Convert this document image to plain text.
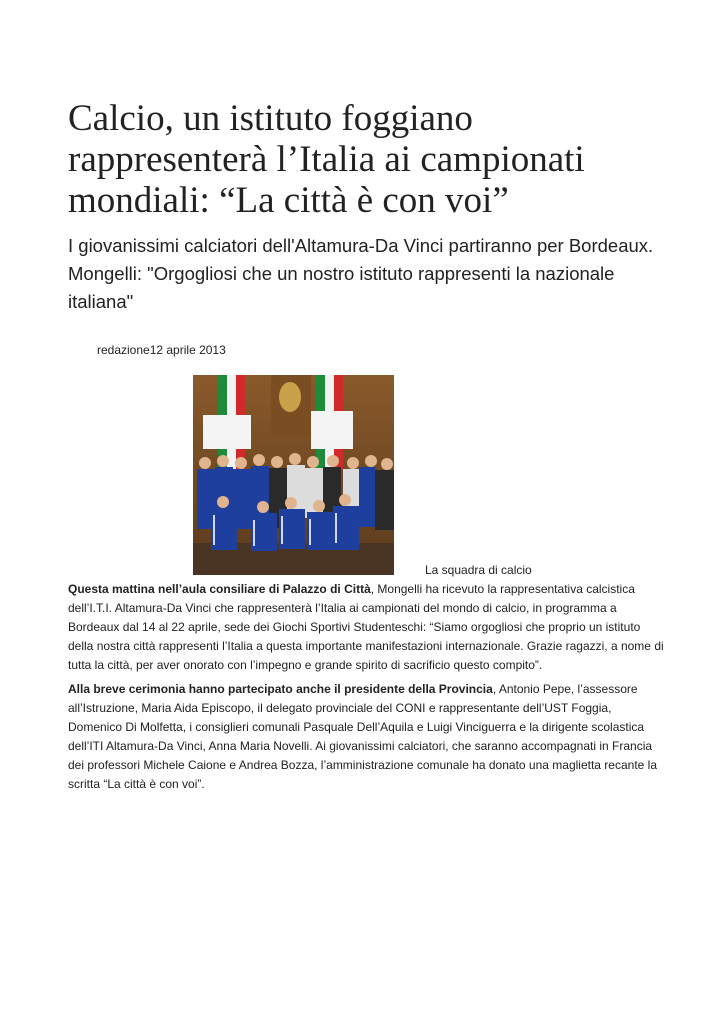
Calcio, un istituto foggiano rappresenterà l’Italia ai campionati mondiali: “La città è con voi”

I giovanissimi calciatori dell'Altamura-Da Vinci partiranno per Bordeaux. Mongelli: "Orgogliosi che un nostro istituto rappresenti la nazionale italiana"

redazione12 aprile 2013
La squadra di calcio

Questa mattina nell’aula consiliare di Palazzo di Città, Mongelli ha ricevuto la rappresentativa calcistica dell’I.T.I. Altamura-Da Vinci che rappresenterà l’Italia ai campionati del mondo di calcio, in programma a Bordeaux dal 14 al 22 aprile, sede dei Giochi Sportivi Studenteschi: “Siamo orgogliosi che proprio un istituto della nostra città rappresenti l’Italia a questa importante manifestazioni internazionale. Grazie ragazzi, a nome di tutta la città, per aver onorato con l’impegno e grande spirito di sacrificio questo compito”.

Alla breve cerimonia hanno partecipato anche il presidente della Provincia, Antonio Pepe, l’assessore all’Istruzione, Maria Aida Episcopo, il delegato provinciale del CONI e rappresentante dell’UST Foggia, Domenico Di Molfetta, i consiglieri comunali Pasquale Dell’Aquila e Luigi Vinciguerra e la dirigente scolastica dell’ITI Altamura-Da Vinci, Anna Maria Novelli. Ai giovanissimi calciatori, che saranno accompagnati in Francia dei professori Michele Caione e Andrea Bozza, l’amministrazione comunale ha donato una maglietta recante la scritta “La città è con voi”.
